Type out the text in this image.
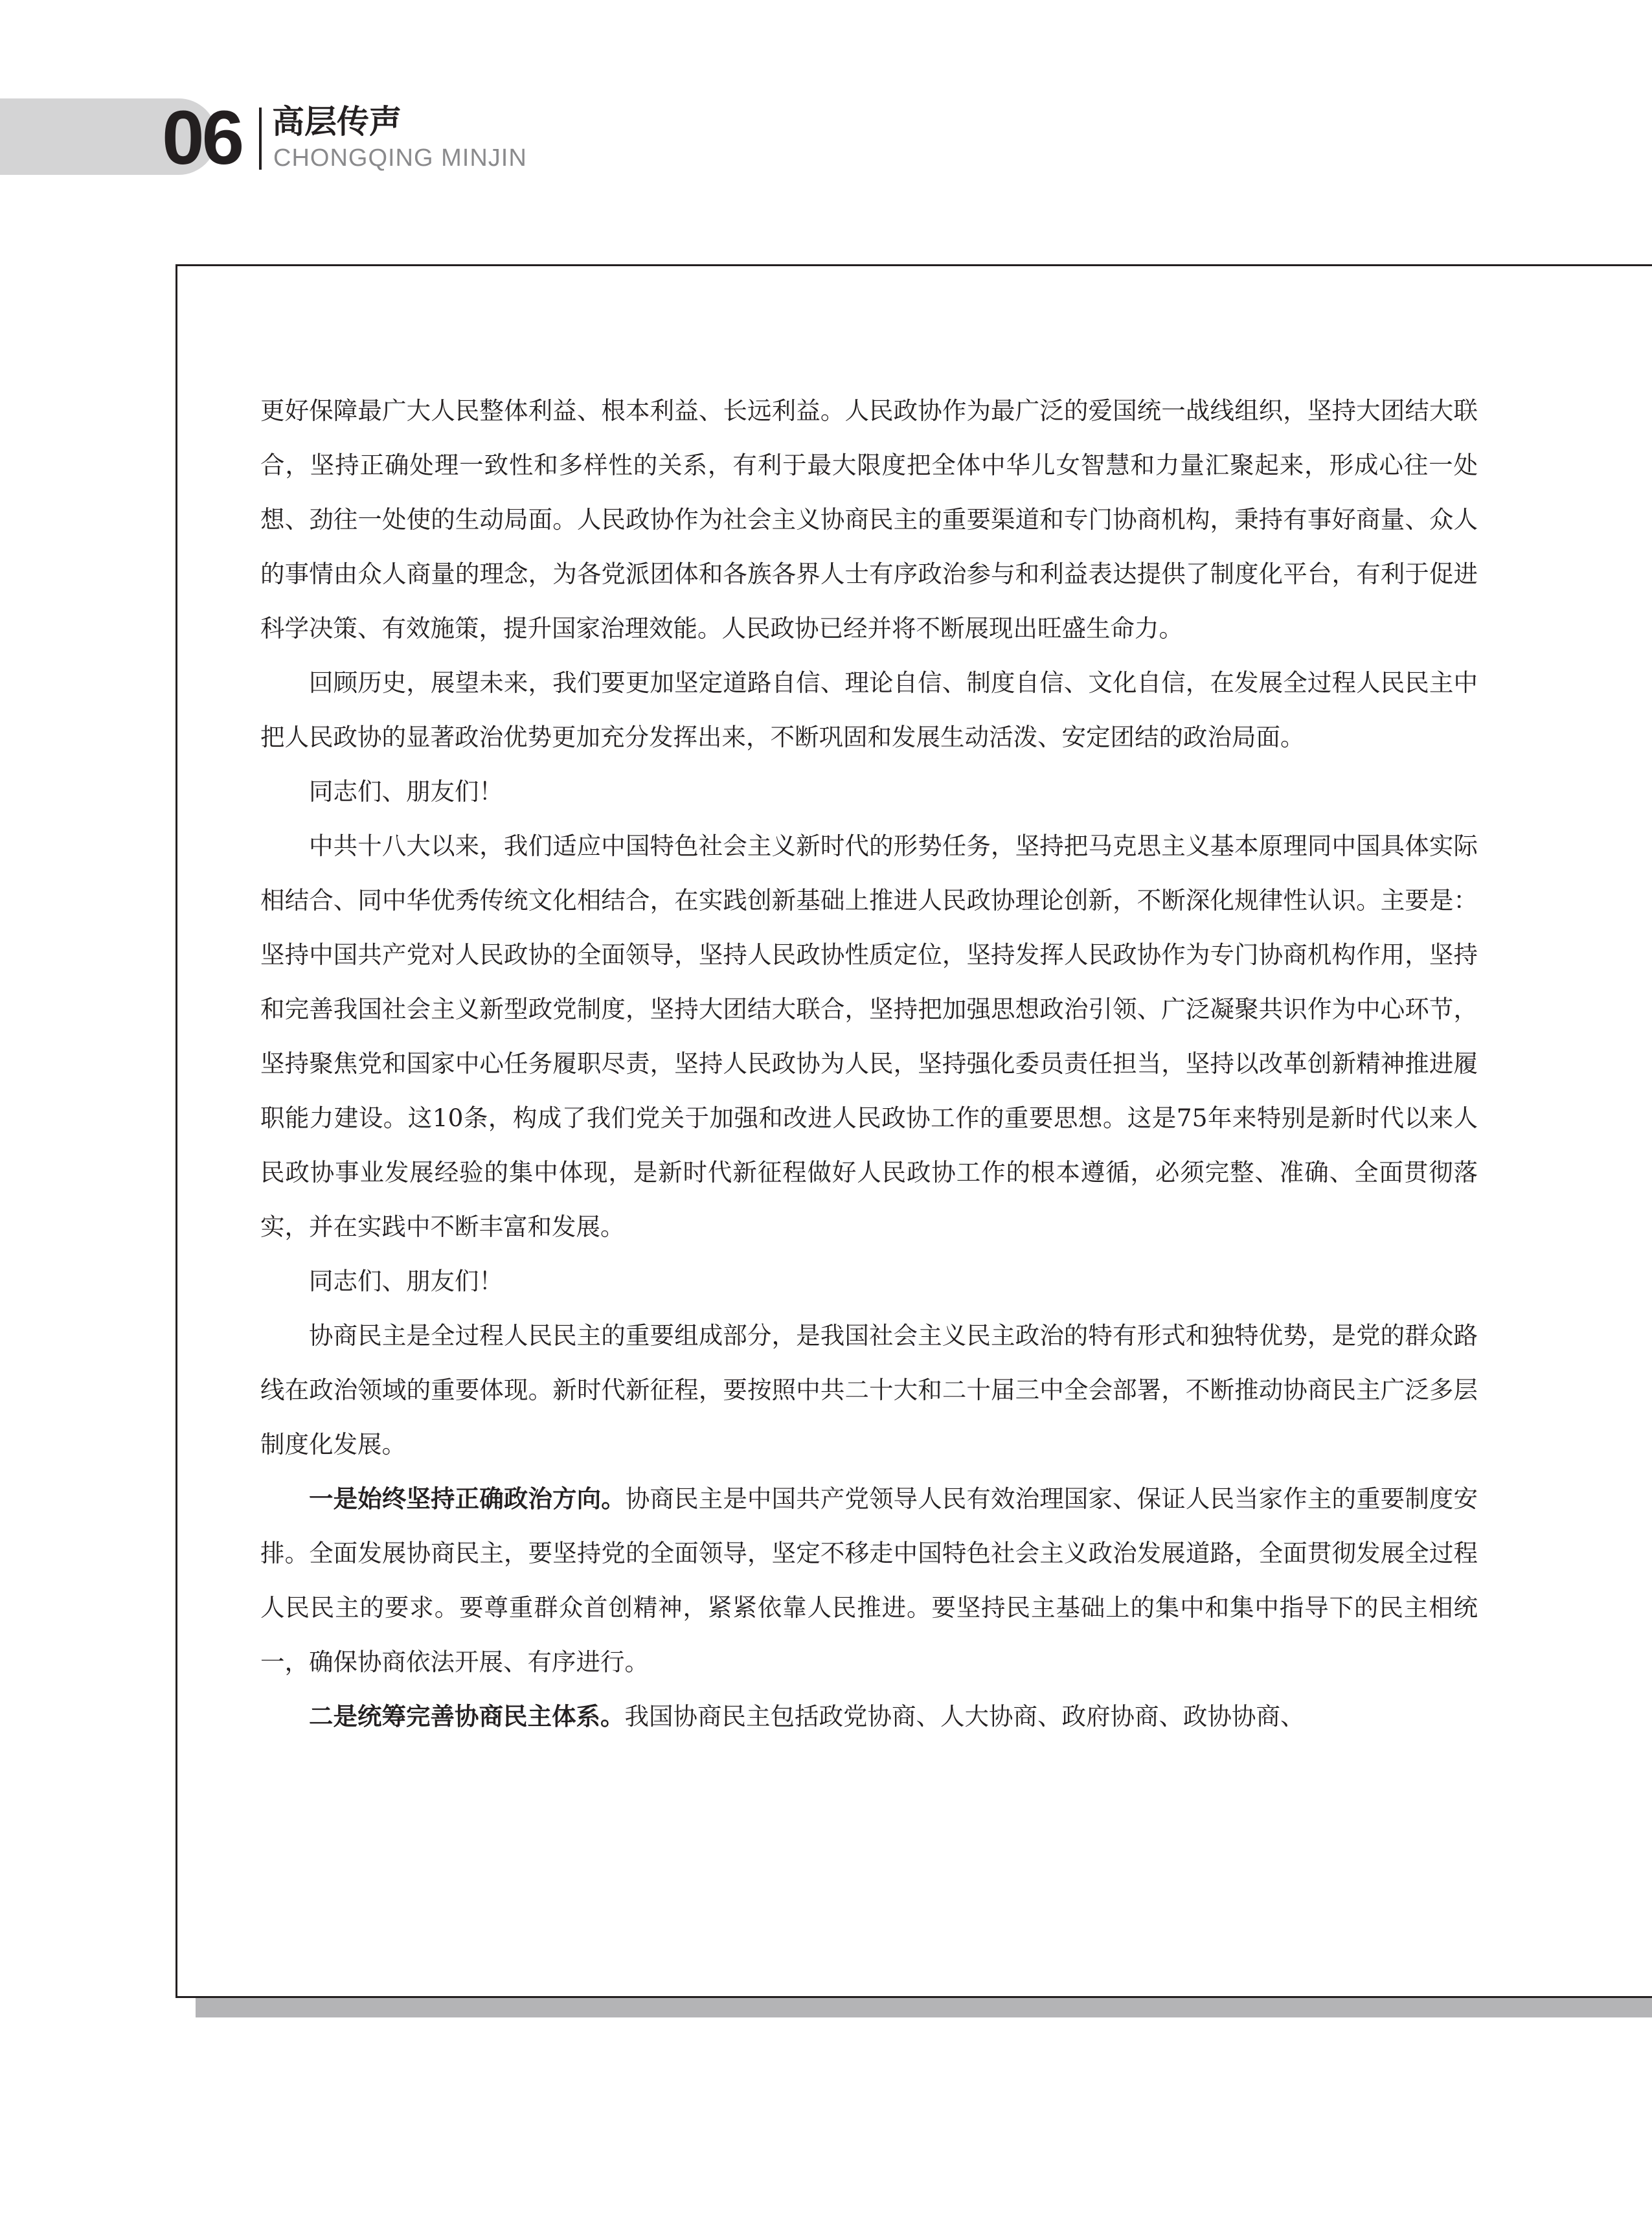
06 高层传声
CHONGQING MINJIN

更好保障最广大人民整体利益、根本利益、长远利益。人民政协作为最广泛的爱国统一战线组织，坚持大团结大联合，坚持正确处理一致性和多样性的关系，有利于最大限度把全体中华儿女智慧和力量汇聚起来，形成心往一处想、劲往一处使的生动局面。人民政协作为社会主义协商民主的重要渠道和专门协商机构，秉持有事好商量、众人的事情由众人商量的理念，为各党派团体和各族各界人士有序政治参与和利益表达提供了制度化平台，有利于促进科学决策、有效施策，提升国家治理效能。人民政协已经并将不断展现出旺盛生命力。

回顾历史，展望未来，我们要更加坚定道路自信、理论自信、制度自信、文化自信，在发展全过程人民民主中把人民政协的显著政治优势更加充分发挥出来，不断巩固和发展生动活泼、安定团结的政治局面。

同志们、朋友们！

中共十八大以来，我们适应中国特色社会主义新时代的形势任务，坚持把马克思主义基本原理同中国具体实际相结合、同中华优秀传统文化相结合，在实践创新基础上推进人民政协理论创新，不断深化规律性认识。主要是：坚持中国共产党对人民政协的全面领导，坚持人民政协性质定位，坚持发挥人民政协作为专门协商机构作用，坚持和完善我国社会主义新型政党制度，坚持大团结大联合，坚持把加强思想政治引领、广泛凝聚共识作为中心环节，坚持聚焦党和国家中心任务履职尽责，坚持人民政协为人民，坚持强化委员责任担当，坚持以改革创新精神推进履职能力建设。这10条，构成了我们党关于加强和改进人民政协工作的重要思想。这是75年来特别是新时代以来人民政协事业发展经验的集中体现，是新时代新征程做好人民政协工作的根本遵循，必须完整、准确、全面贯彻落实，并在实践中不断丰富和发展。

同志们、朋友们！

协商民主是全过程人民民主的重要组成部分，是我国社会主义民主政治的特有形式和独特优势，是党的群众路线在政治领域的重要体现。新时代新征程，要按照中共二十大和二十届三中全会部署，不断推动协商民主广泛多层制度化发展。

一是始终坚持正确政治方向。协商民主是中国共产党领导人民有效治理国家、保证人民当家作主的重要制度安排。全面发展协商民主，要坚持党的全面领导，坚定不移走中国特色社会主义政治发展道路，全面贯彻发展全过程人民民主的要求。要尊重群众首创精神，紧紧依靠人民推进。要坚持民主基础上的集中和集中指导下的民主相统一，确保协商依法开展、有序进行。

二是统筹完善协商民主体系。我国协商民主包括政党协商、人大协商、政府协商、政协协商、
